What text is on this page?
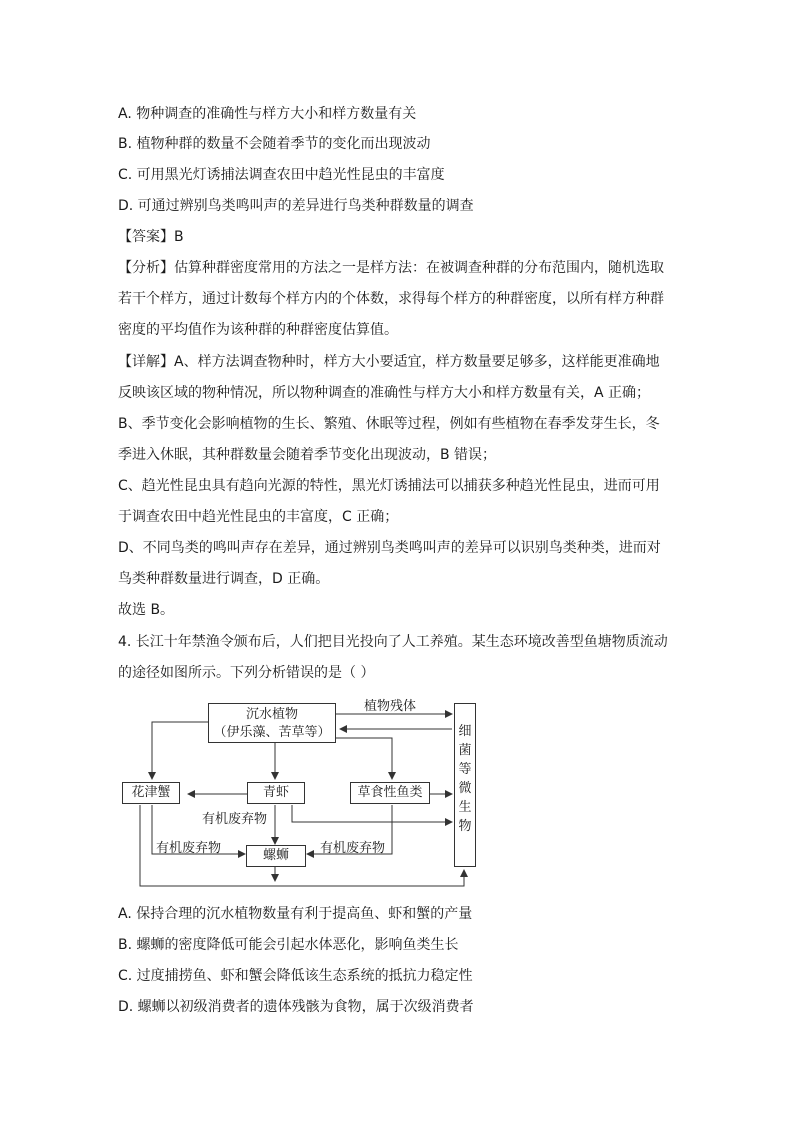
A. 物种调查的准确性与样方大小和样方数量有关
B. 植物种群的数量不会随着季节的变化而出现波动
C. 可用黑光灯诱捕法调查农田中趋光性昆虫的丰富度
D. 可通过辨别鸟类鸣叫声的差异进行鸟类种群数量的调查
【答案】B
【分析】估算种群密度常用的方法之一是样方法：在被调查种群的分布范围内，随机选取
若干个样方，通过计数每个样方内的个体数，求得每个样方的种群密度，以所有样方种群
密度的平均值作为该种群的种群密度估算值。
【详解】A、样方法调查物种时，样方大小要适宜，样方数量要足够多，这样能更准确地
反映该区域的物种情况，所以物种调查的准确性与样方大小和样方数量有关，A 正确；
B、季节变化会影响植物的生长、繁殖、休眠等过程，例如有些植物在春季发芽生长，冬
季进入休眠，其种群数量会随着季节变化出现波动，B 错误；
C、趋光性昆虫具有趋向光源的特性，黑光灯诱捕法可以捕获多种趋光性昆虫，进而可用
于调查农田中趋光性昆虫的丰富度，C 正确；
D、不同鸟类的鸣叫声存在差异，通过辨别鸟类鸣叫声的差异可以识别鸟类种类，进而对
鸟类种群数量进行调查，D 正确。
故选 B。
4. 长江十年禁渔令颁布后，人们把目光投向了人工养殖。某生态环境改善型鱼塘物质流动
的途径如图所示。下列分析错误的是（ ）
沉水植物
（伊乐藻、苦草等）
植物残体
细
菌
等
微
生
物
花津蟹	青虾	草食性鱼类
有机废弃物
有机废弃物	有机废弃物
螺蛳
A. 保持合理的沉水植物数量有利于提高鱼、虾和蟹的产量
B. 螺蛳的密度降低可能会引起水体恶化，影响鱼类生长
C. 过度捕捞鱼、虾和蟹会降低该生态系统的抵抗力稳定性
D. 螺蛳以初级消费者的遗体残骸为食物，属于次级消费者
